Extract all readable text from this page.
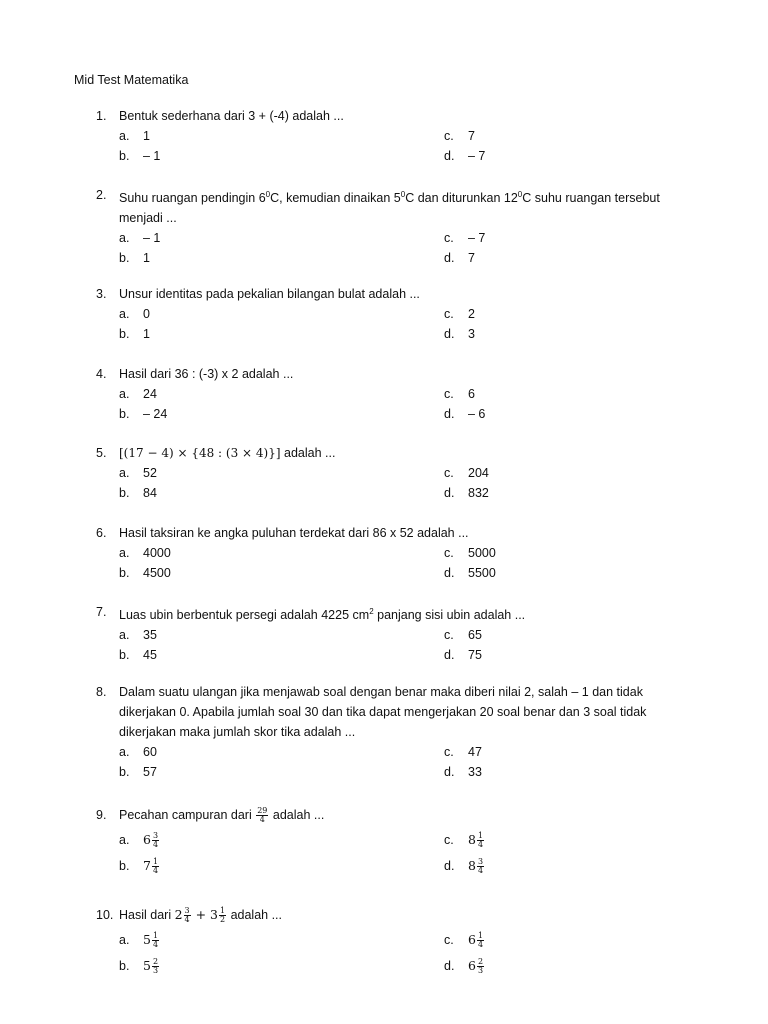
Mid Test Matematika
1. Bentuk sederhana dari 3 + (-4) adalah ...
a. 1
b. – 1
c. 7
d. – 7
2. Suhu ruangan pendingin $6^0C$, kemudian dinaikan $5^0C$ dan diturunkan $12^0C$ suhu ruangan tersebut
menjadi ...
a. – 1
b. 1
c. – 7
d. 7
3. Unsur identitas pada pekalian bilangan bulat adalah ...
a. 0
b. 1
c. 2
d. 3
4. Hasil dari 36 : (-3) x 2 adalah ...
a. 24
b. – 24
c. 6
d. – 6
5. [(17 − 4) × {48 : (3 × 4)}] adalah ...
a. 52
b. 84
c. 204
d. 832
6. Hasil taksiran ke angka puluhan terdekat dari 86 x 52 adalah ...
a. 4000
b. 4500
c. 5000
d. 5500
7. Luas ubin berbentuk persegi adalah 4225 $cm^2$ panjang sisi ubin adalah ...
a. 35
b. 45
c. 65
d. 75
8. Dalam suatu ulangan jika menjawab soal dengan benar maka diberi nilai 2, salah – 1 dan tidak
dikerjakan 0. Apabila jumlah soal 30 dan tika dapat mengerjakan 20 soal benar dan 3 soal tidak
dikerjakan maka jumlah skor tika adalah ...
a. 60
b. 57
c. 47
d. 33
9. Pecahan campuran dari $\frac{29}{4}$ adalah ...
a. $6 \frac{3}{4}$
b. $7 \frac{1}{4}$
c. $8 \frac{1}{4}$
d. $8 \frac{3}{4}$
10. Hasil dari $2 \frac{3}{4} + 3 \frac{1}{2}$ adalah ...
a. $5 \frac{1}{4}$
b. $5 \frac{2}{3}$
c. $6 \frac{1}{4}$
d. $6 \frac{2}{3}$
